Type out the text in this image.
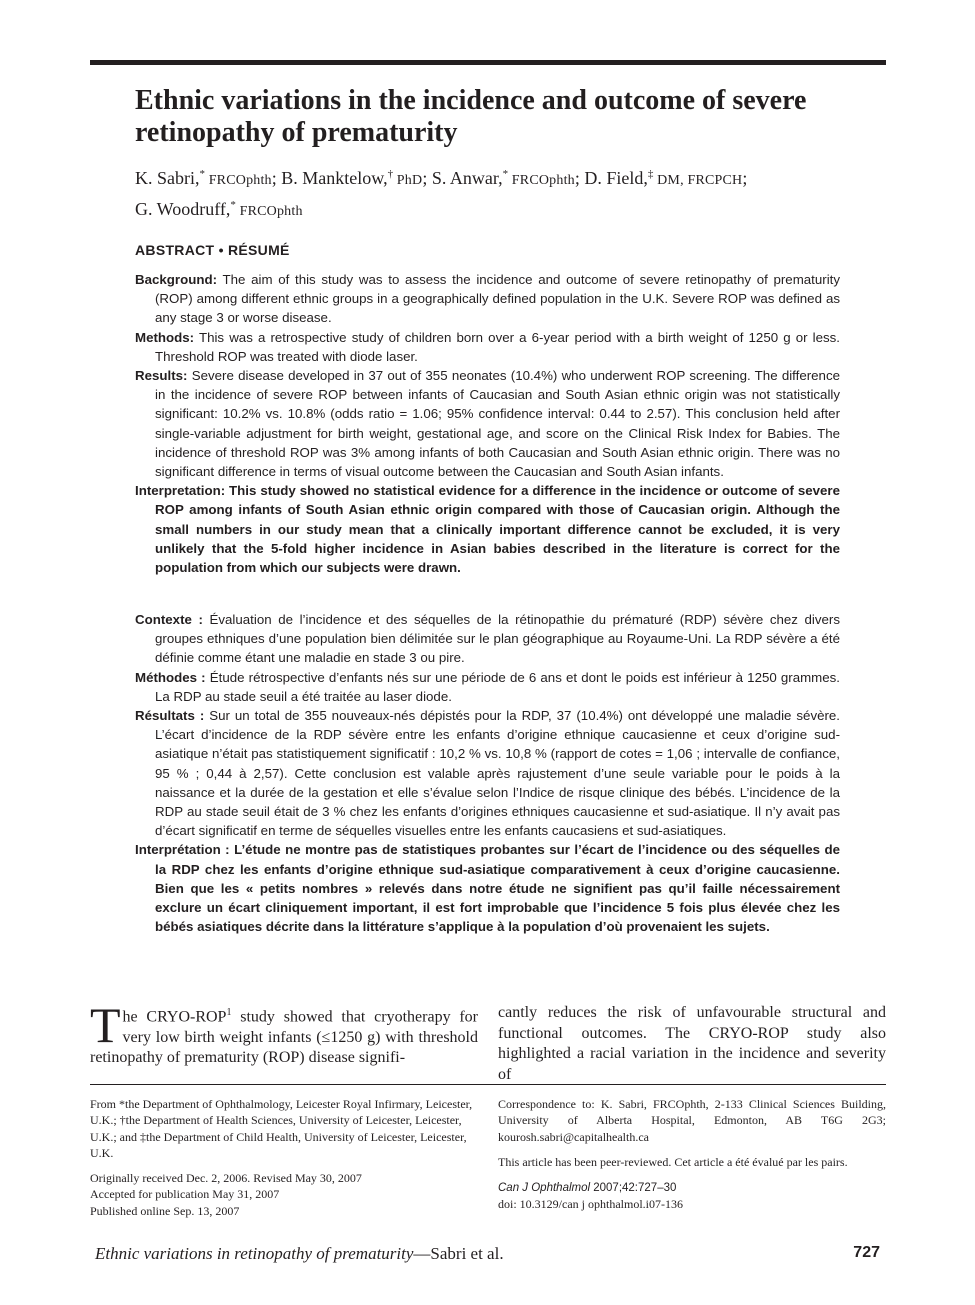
Ethnic variations in the incidence and outcome of severe retinopathy of prematurity
K. Sabri,* FRCOphth; B. Manktelow,† PhD; S. Anwar,* FRCOphth; D. Field,‡ DM, FRCPCH;
G. Woodruff,* FRCOphth
ABSTRACT • RÉSUMÉ

Background: The aim of this study was to assess the incidence and outcome of severe retinopathy of prematurity (ROP) among different ethnic groups in a geographically defined population in the U.K. Severe ROP was defined as any stage 3 or worse disease.

Methods: This was a retrospective study of children born over a 6-year period with a birth weight of 1250 g or less. Threshold ROP was treated with diode laser.

Results: Severe disease developed in 37 out of 355 neonates (10.4%) who underwent ROP screening. The difference in the incidence of severe ROP between infants of Caucasian and South Asian ethnic origin was not statistically significant: 10.2% vs. 10.8% (odds ratio = 1.06; 95% confidence interval: 0.44 to 2.57). This conclusion held after single-variable adjustment for birth weight, gestational age, and score on the Clinical Risk Index for Babies. The incidence of threshold ROP was 3% among infants of both Caucasian and South Asian ethnic origin. There was no significant difference in terms of visual outcome between the Caucasian and South Asian infants.

Interpretation: This study showed no statistical evidence for a difference in the incidence or outcome of severe ROP among infants of South Asian ethnic origin compared with those of Caucasian origin. Although the small numbers in our study mean that a clinically important difference cannot be excluded, it is very unlikely that the 5-fold higher incidence in Asian babies described in the literature is correct for the population from which our subjects were drawn.

Contexte : Évaluation de l’incidence et des séquelles de la rétinopathie du prématuré (RDP) sévère chez divers groupes ethniques d’une population bien délimitée sur le plan géographique au Royaume-Uni. La RDP sévère a été définie comme étant une maladie en stade 3 ou pire.

Méthodes : Étude rétrospective d’enfants nés sur une période de 6 ans et dont le poids est inférieur à 1250 grammes. La RDP au stade seuil a été traitée au laser diode.

Résultats : Sur un total de 355 nouveaux-nés dépistés pour la RDP, 37 (10.4%) ont développé une maladie sévère. L’écart d’incidence de la RDP sévère entre les enfants d’origine ethnique caucasienne et ceux d’origine sud-asiatique n’était pas statistiquement significatif : 10,2 % vs. 10,8 % (rapport de cotes = 1,06 ; intervalle de confiance, 95 % ; 0,44 à 2,57). Cette conclusion est valable après rajustement d’une seule variable pour le poids à la naissance et la durée de la gestation et elle s’évalue selon l’Indice de risque clinique des bébés. L’incidence de la RDP au stade seuil était de 3 % chez les enfants d’origines ethniques caucasienne et sud-asiatique. Il n’y avait pas d’écart significatif en terme de séquelles visuelles entre les enfants caucasiens et sud-asiatiques.

Interprétation : L’étude ne montre pas de statistiques probantes sur l’écart de l’incidence ou des séquelles de la RDP chez les enfants d’origine ethnique sud-asiatique comparativement à ceux d’origine caucasienne. Bien que les « petits nombres » relevés dans notre étude ne signifient pas qu’il faille nécessairement exclure un écart cliniquement important, il est fort improbable que l’incidence 5 fois plus élevée chez les bébés asiatiques décrite dans la littérature s’applique à la population d’où provenaient les sujets.

The CRYO-ROP$^1$ study showed that cryotherapy for very low birth weight infants (≤1250 g) with threshold retinopathy of prematurity (ROP) disease signifi-

cantly reduces the risk of unfavourable structural and functional outcomes. The CRYO-ROP study also highlighted a racial variation in the incidence and severity of

From *the Department of Ophthalmology, Leicester Royal Infirmary, Leicester, U.K.; †the Department of Health Sciences, University of Leicester, Leicester, U.K.; and ‡the Department of Child Health, University of Leicester, Leicester, U.K.

Originally received Dec. 2, 2006. Revised May 30, 2007

Accepted for publication May 31, 2007

Published online Sep. 13, 2007

Correspondence to: K. Sabri, FRCOphth, 2-133 Clinical Sciences Building, University of Alberta Hospital, Edmonton, AB T6G 2G3; kourosh.sabri@capitalhealth.ca

This article has been peer-reviewed. Cet article a été évalué par les pairs.

Can J Ophthalmol 2007;42:727–30

doi: 10.3129/can j ophthalmol.i07-136

Ethnic variations in retinopathy of prematurity—Sabri et al.	727
